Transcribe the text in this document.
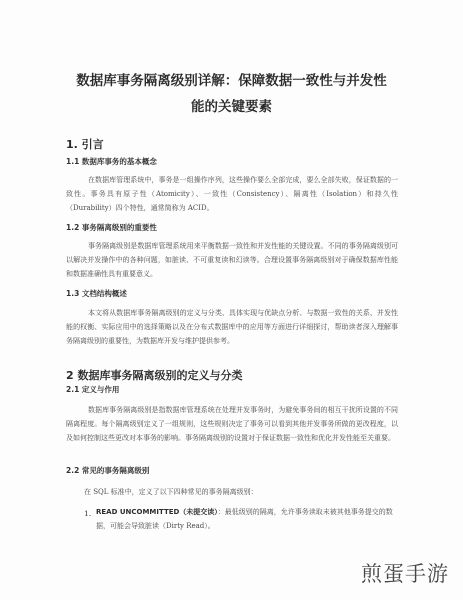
数据库事务隔离级别详解：保障数据一致性与并发性
能的关键要素
1. 引言
1.1 数据库事务的基本概念

在数据库管理系统中，事务是一组操作序列，这些操作要么全部完成，要么全部失败，保证数据的一致性。事务具有原子性（Atomicity）、一致性（Consistency）、隔离性（Isolation）和持久性（Durability）四个特性，通常简称为 ACID。

1.2 事务隔离级别的重要性

事务隔离级别是数据库管理系统用来平衡数据一致性和并发性能的关键设置。不同的事务隔离级别可以解决并发操作中的各种问题，如脏读、不可重复读和幻读等。合理设置事务隔离级别对于确保数据库性能和数据准确性具有重要意义。

1.3 文档结构概述

本文将从数据库事务隔离级别的定义与分类、具体实现与优缺点分析、与数据一致性的关系、并发性能的权衡、实际应用中的选择策略以及在分布式数据库中的应用等方面进行详细探讨，帮助读者深入理解事务隔离级别的重要性，为数据库开发与维护提供参考。

2 数据库事务隔离级别的定义与分类
2.1 定义与作用

数据库事务隔离级别是指数据库管理系统在处理并发事务时，为避免事务间的相互干扰所设置的不同隔离程度。每个隔离级别定义了一组规则，这些规则决定了事务可以看到其他并发事务所做的更改程度，以及如何控制这些更改对本事务的影响。事务隔离级别的设置对于保证数据一致性和优化并发性能至关重要。

2.2 常见的事务隔离级别
在 SQL 标准中，定义了以下四种常见的事务隔离级别：
1. READ UNCOMMITTED（未提交读）：最低级别的隔离，允许事务读取未被其他事务提交的数据，可能会导致脏读（Dirty Read）。

煎蛋手游
